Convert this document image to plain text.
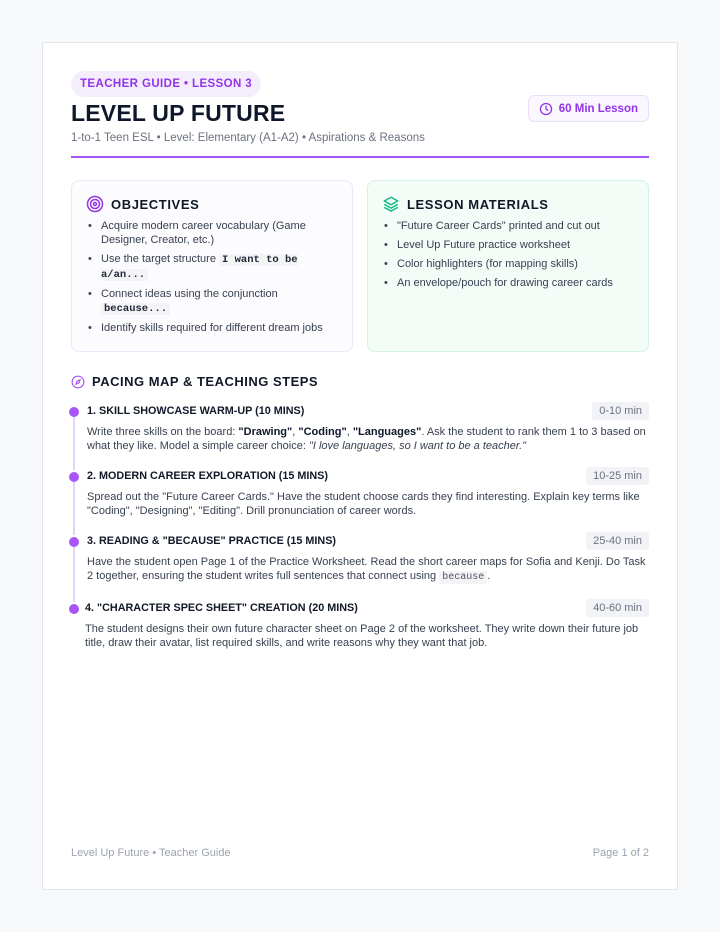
TEACHER GUIDE • LESSON 3
LEVEL UP FUTURE
1-to-1 Teen ESL • Level: Elementary (A1-A2) • Aspirations & Reasons
60 Min Lesson
OBJECTIVES
• Acquire modern career vocabulary (Game Designer, Creator, etc.)
• Use the target structure I want to be a/an...
• Connect ideas using the conjunction because...
• Identify skills required for different dream jobs
LESSON MATERIALS
• "Future Career Cards" printed and cut out
• Level Up Future practice worksheet
• Color highlighters (for mapping skills)
• An envelope/pouch for drawing career cards
PACING MAP & TEACHING STEPS
1. SKILL SHOWCASE WARM-UP (10 MINS)	0-10 min
Write three skills on the board: "Drawing", "Coding", "Languages". Ask the student to rank them 1 to 3 based on what they like. Model a simple career choice: "I love languages, so I want to be a teacher."
2. MODERN CAREER EXPLORATION (15 MINS)	10-25 min
Spread out the "Future Career Cards." Have the student choose cards they find interesting. Explain key terms like "Coding", "Designing", "Editing". Drill pronunciation of career words.
3. READING & "BECAUSE" PRACTICE (15 MINS)	25-40 min
Have the student open Page 1 of the Practice Worksheet. Read the short career maps for Sofia and Kenji. Do Task 2 together, ensuring the student writes full sentences that connect using because .
4. "CHARACTER SPEC SHEET" CREATION (20 MINS)	40-60 min
The student designs their own future character sheet on Page 2 of the worksheet. They write down their future job title, draw their avatar, list required skills, and write reasons why they want that job.
Level Up Future • Teacher Guide	Page 1 of 2
